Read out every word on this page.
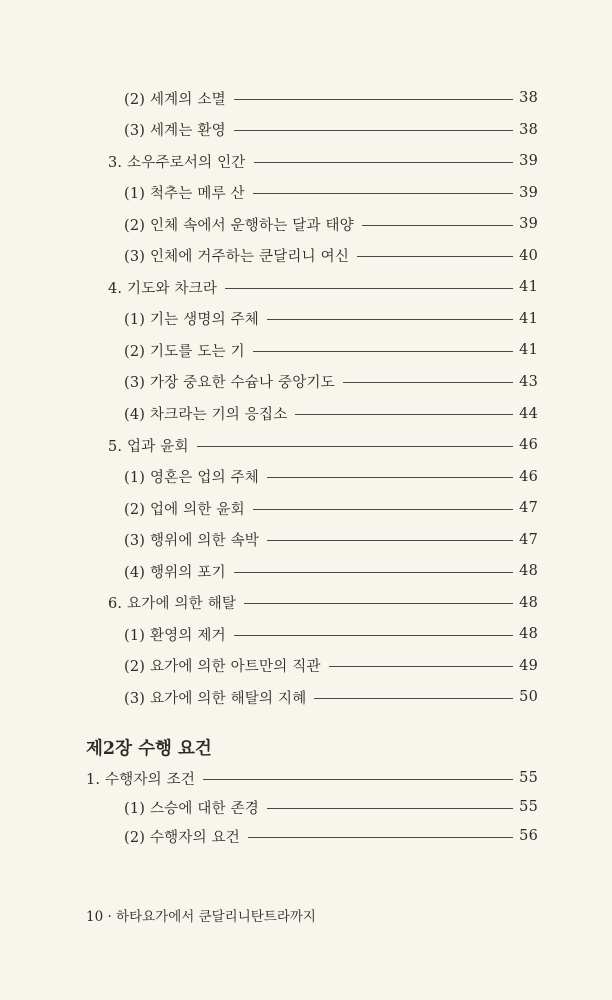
(2) 세계의 소멸	38
(3) 세계는 환영	38
3. 소우주로서의 인간	39
(1) 척추는 메루 산	39
(2) 인체 속에서 운행하는 달과 태양	39
(3) 인체에 거주하는 쿤달리니 여신	40
4. 기도와 차크라	41
(1) 기는 생명의 주체	41
(2) 기도를 도는 기	41
(3) 가장 중요한 수슘나 중앙기도	43
(4) 차크라는 기의 응집소	44
5. 업과 윤회	46
(1) 영혼은 업의 주체	46
(2) 업에 의한 윤회	47
(3) 행위에 의한 속박	47
(4) 행위의 포기	48
6. 요가에 의한 해탈	48
(1) 환영의 제거	48
(2) 요가에 의한 아트만의 직관	49
(3) 요가에 의한 해탈의 지혜	50
제2장 수행 요건
1. 수행자의 조건	55
(1) 스승에 대한 존경	55
(2) 수행자의 요건	56
10 · 하타요가에서 쿤달리니탄트라까지
